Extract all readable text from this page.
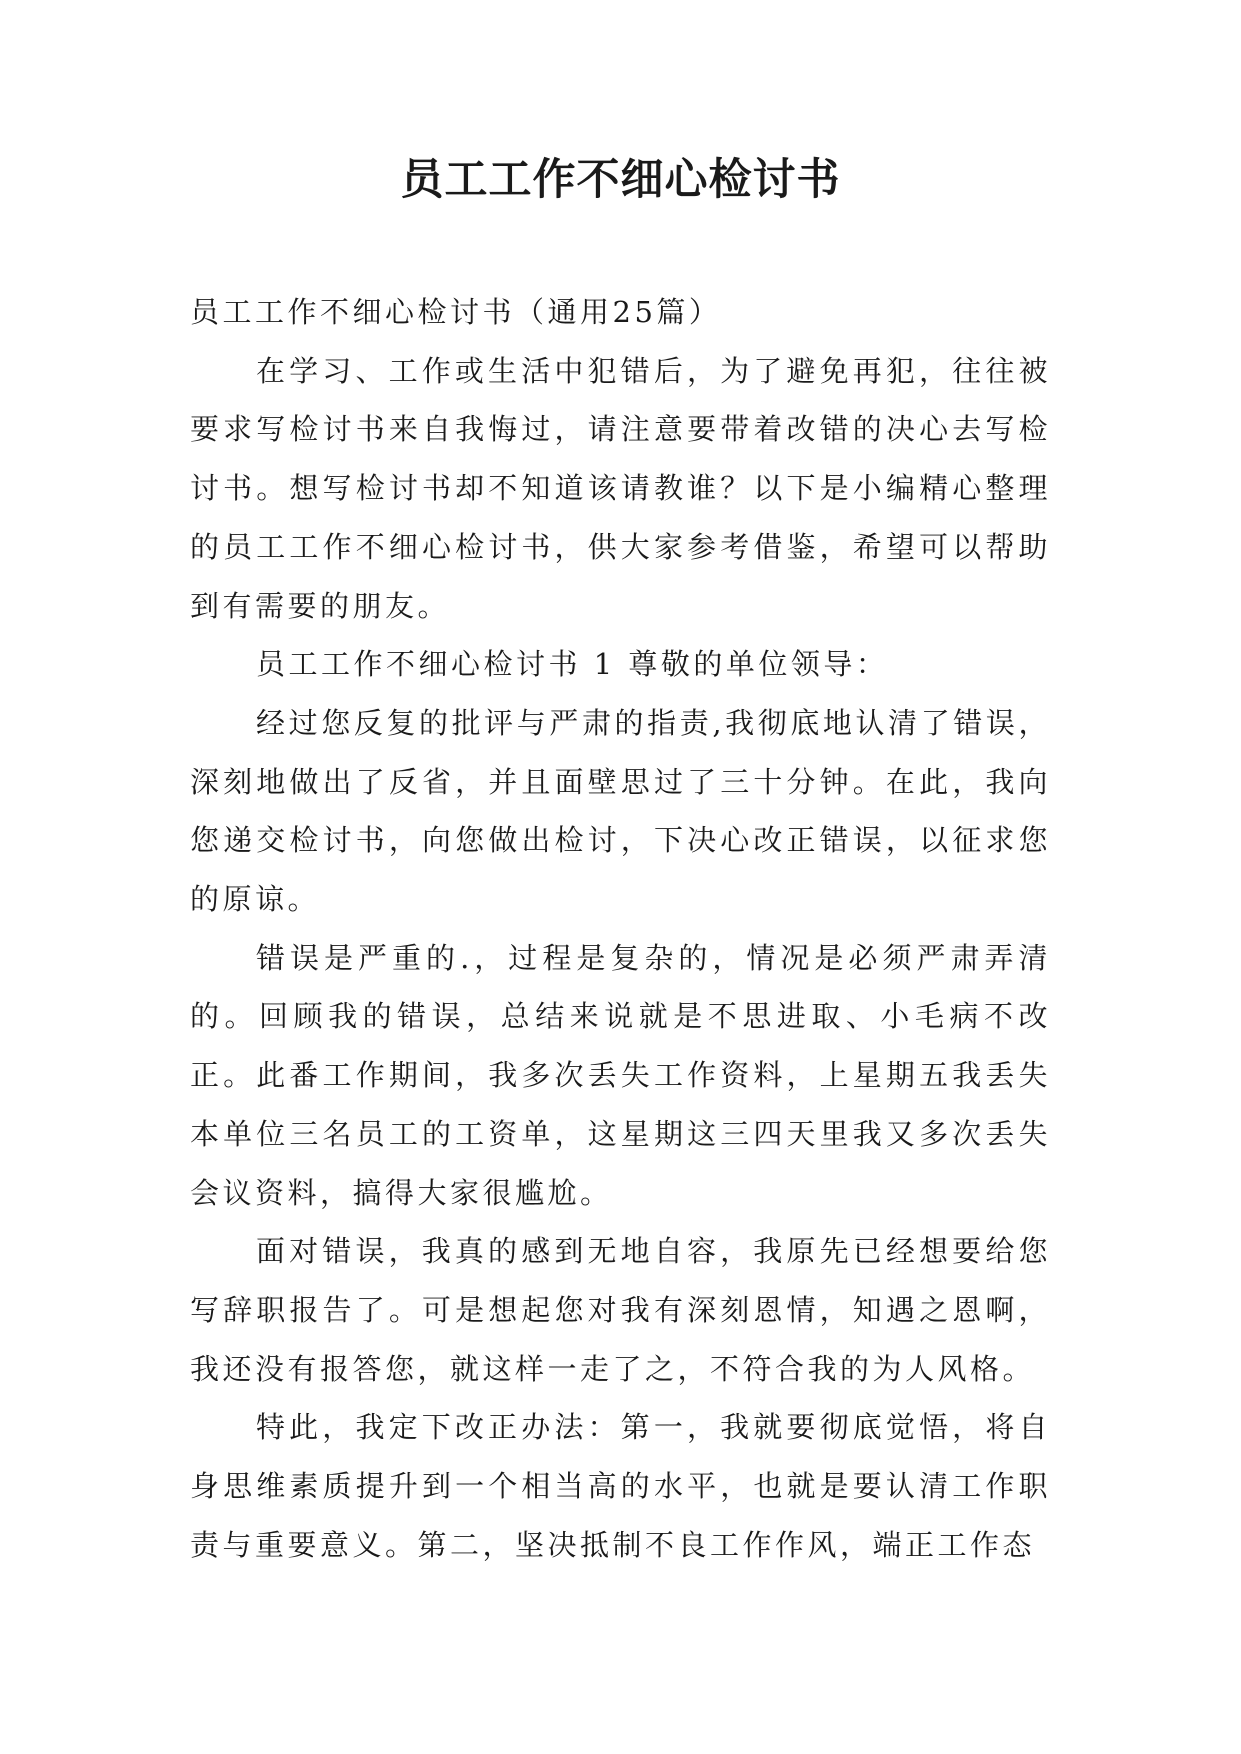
员工工作不细心检讨书

员工工作不细心检讨书（通用25篇）

在学习、工作或生活中犯错后，为了避免再犯，往往被要求写检讨书来自我悔过，请注意要带着改错的决心去写检讨书。想写检讨书却不知道该请教谁？以下是小编精心整理的员工工作不细心检讨书，供大家参考借鉴，希望可以帮助到有需要的朋友。

员工工作不细心检讨书 1 尊敬的单位领导：

经过您反复的批评与严肃的指责,我彻底地认清了错误，深刻地做出了反省，并且面壁思过了三十分钟。在此，我向您递交检讨书，向您做出检讨，下决心改正错误，以征求您的原谅。

错误是严重的.，过程是复杂的，情况是必须严肃弄清的。回顾我的错误，总结来说就是不思进取、小毛病不改正。此番工作期间，我多次丢失工作资料，上星期五我丢失本单位三名员工的工资单，这星期这三四天里我又多次丢失会议资料，搞得大家很尴尬。

面对错误，我真的感到无地自容，我原先已经想要给您写辞职报告了。可是想起您对我有深刻恩情，知遇之恩啊，我还没有报答您，就这样一走了之，不符合我的为人风格。

特此，我定下改正办法：第一，我就要彻底觉悟，将自身思维素质提升到一个相当高的水平，也就是要认清工作职责与重要意义。第二，坚决抵制不良工作作风，端正工作态
